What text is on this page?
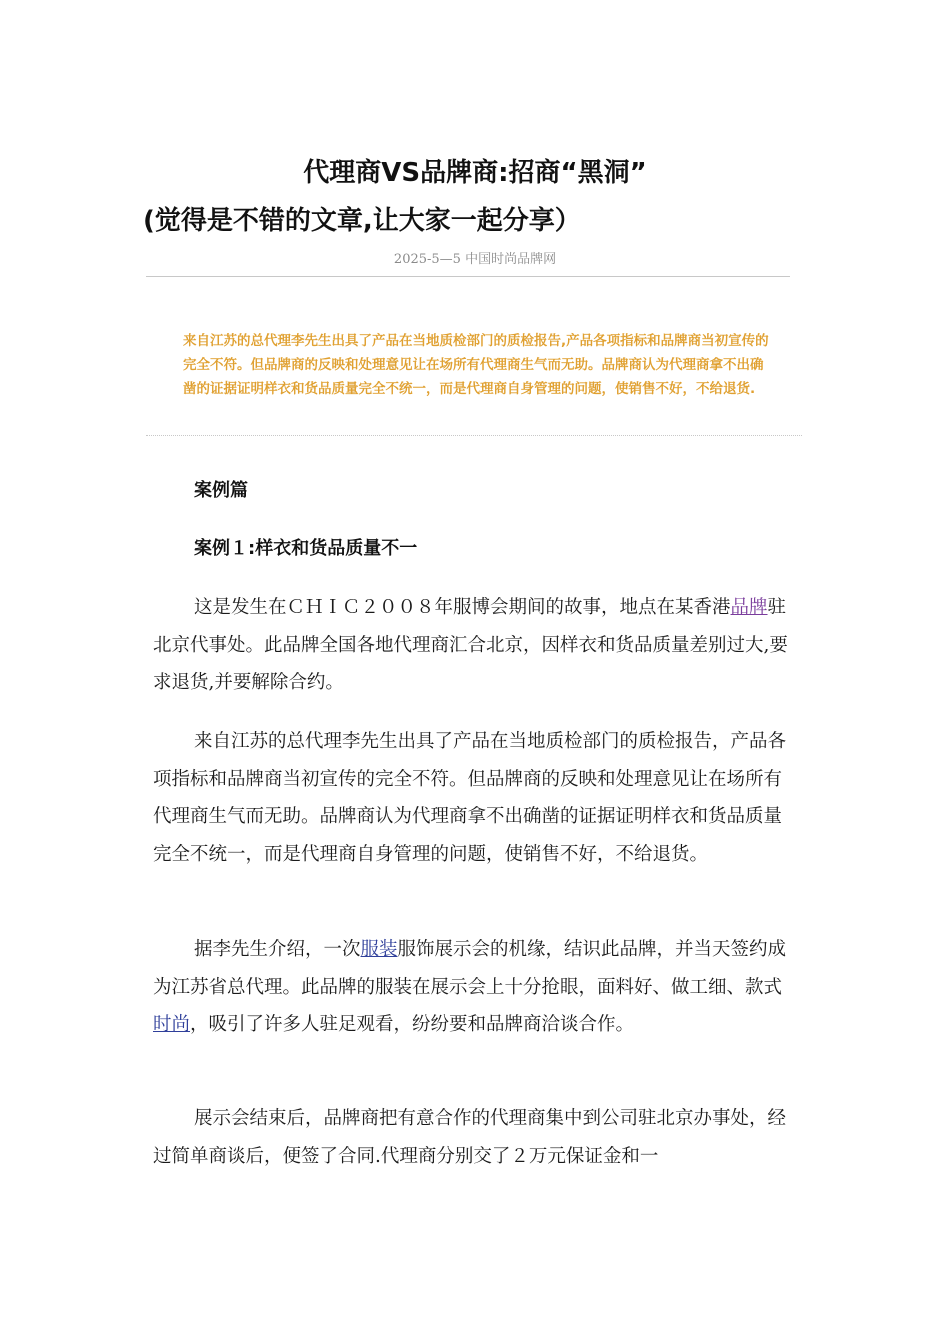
代理商VS品牌商:招商“黑洞”
(觉得是不错的文章,让大家一起分享）
2025-5—5 中国时尚品牌网
来自江苏的总代理李先生出具了产品在当地质检部门的质检报告,产品各项指标和品牌商当初宣传的完全不符。但品牌商的反映和处理意见让在场所有代理商生气而无助。品牌商认为代理商拿不出确凿的证据证明样衣和货品质量完全不统一，而是代理商自身管理的问题，使销售不好，不给退货.
案例篇
案例１:样衣和货品质量不一

这是发生在ＣＨＩＣ２００８年服博会期间的故事，地点在某香港品牌驻北京代事处。此品牌全国各地代理商汇合北京，因样衣和货品质量差别过大,要求退货,并要解除合约。

来自江苏的总代理李先生出具了产品在当地质检部门的质检报告，产品各项指标和品牌商当初宣传的完全不符。但品牌商的反映和处理意见让在场所有代理商生气而无助。品牌商认为代理商拿不出确凿的证据证明样衣和货品质量完全不统一，而是代理商自身管理的问题，使销售不好，不给退货。

据李先生介绍，一次服装服饰展示会的机缘，结识此品牌，并当天签约成为江苏省总代理。此品牌的服装在展示会上十分抢眼，面料好、做工细、款式时尚，吸引了许多人驻足观看，纷纷要和品牌商洽谈合作。

展示会结束后，品牌商把有意合作的代理商集中到公司驻北京办事处，经过简单商谈后，便签了合同.代理商分别交了２万元保证金和一
